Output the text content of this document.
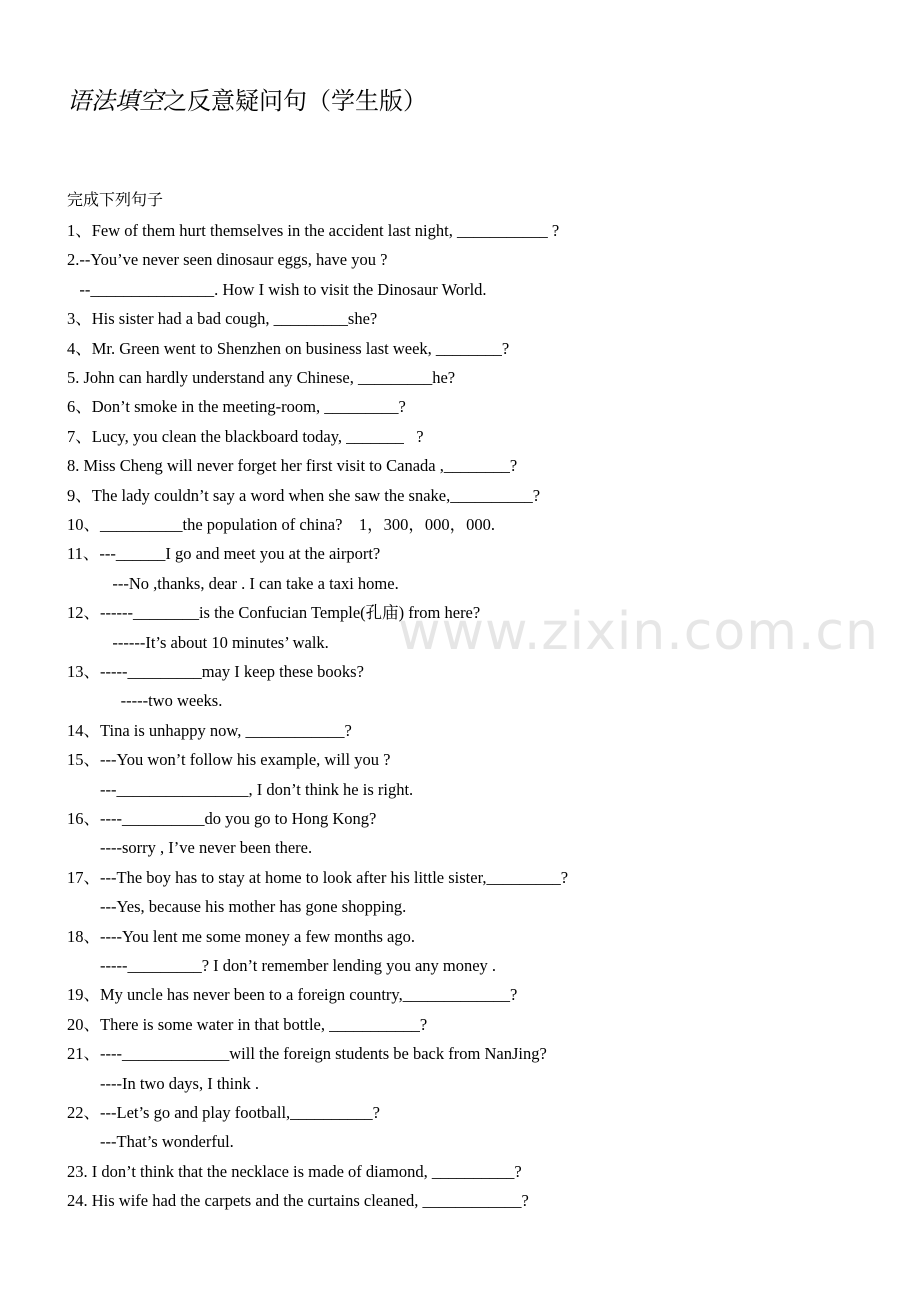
语法填空之反意疑问句（学生版）
完成下列句子
www.zixin.com.cn
1、Few of them hurt themselves in the accident last night, ___________ ?
2.--You’ve never seen dinosaur eggs, have you ?
--_______________. How I wish to visit the Dinosaur World.
3、His sister had a bad cough, _________she?
4、Mr. Green went to Shenzhen on business last week, ________?
5. John can hardly understand any Chinese, _________he?
6、Don’t smoke in the meeting-room, _________?
7、Lucy, you clean the blackboard today, _______   ?
8. Miss Cheng will never forget her first visit to Canada ,________?
9、The lady couldn’t say a word when she saw the snake,__________?
10、__________the population of china?    1，300，000，000.
11、---______I go and meet you at the airport?
---No ,thanks, dear . I can take a taxi home.
12、------________is the Confucian Temple(孔庙) from here?
------It’s about 10 minutes’ walk.
13、-----_________may I keep these books?
-----two weeks.
14、Tina is unhappy now, ____________?
15、---You won’t follow his example, will you ?
---________________, I don’t think he is right.
16、----__________do you go to Hong Kong?
----sorry , I’ve never been there.
17、---The boy has to stay at home to look after his little sister,_________?
---Yes, because his mother has gone shopping.
18、----You lent me some money a few months ago.
-----_________? I don’t remember lending you any money .
19、My uncle has never been to a foreign country,_____________?
20、There is some water in that bottle, ___________?
21、----_____________will the foreign students be back from NanJing?
----In two days, I think .
22、---Let’s go and play football,__________?
---That’s wonderful.
23. I don’t think that the necklace is made of diamond, __________?
24. His wife had the carpets and the curtains cleaned, ____________?
